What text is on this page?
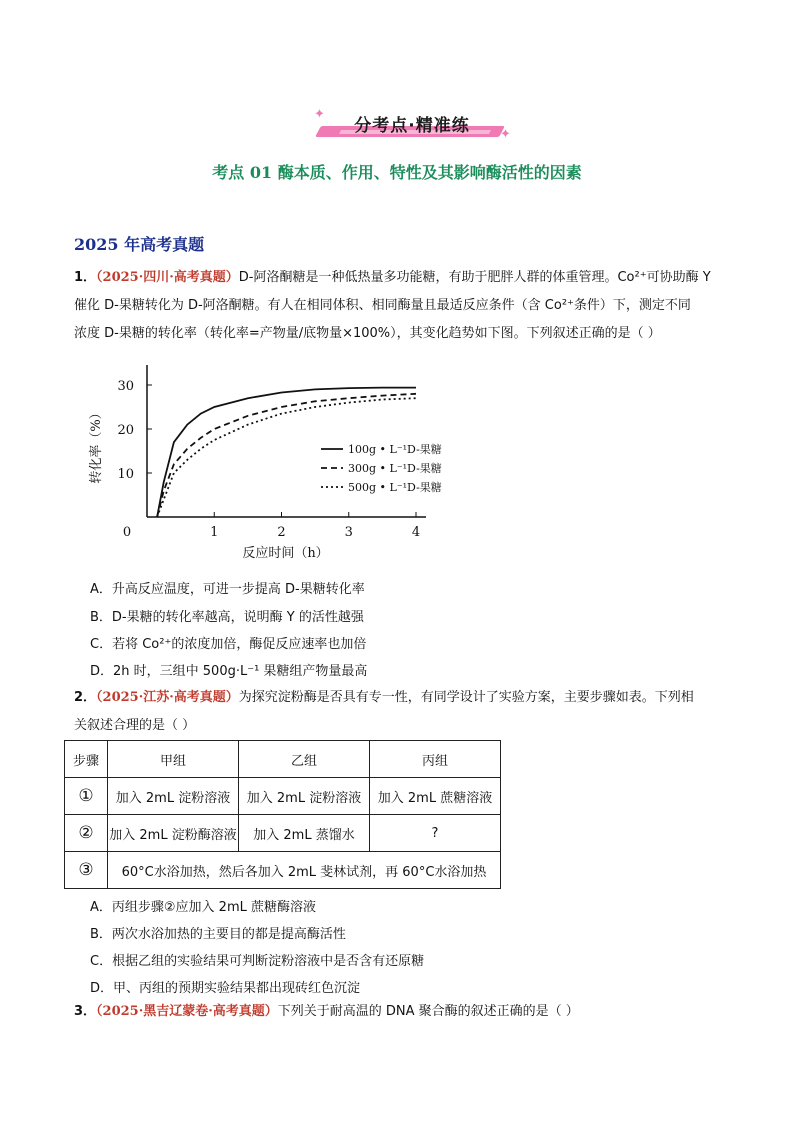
分考点·精准练
✦
✦
考点 01 酶本质、作用、特性及其影响酶活性的因素
2025 年高考真题
1．（2025·四川·高考真题）D-阿洛酮糖是一种低热量多功能糖，有助于肥胖人群的体重管理。Co²⁺可协助酶 Y
催化 D-果糖转化为 D-阿洛酮糖。有人在相同体积、相同酶量且最适反应条件（含 Co²⁺条件）下，测定不同
浓度 D-果糖的转化率（转化率=产物量/底物量×100%），其变化趋势如下图。下列叙述正确的是（ ）
0	1	2	3	4
10
20
30
反应时间（h）
转化率（%）	100g • L⁻¹D-果糖
300g • L⁻¹D-果糖
500g • L⁻¹D-果糖
A．升高反应温度，可进一步提高 D-果糖转化率
B．D-果糖的转化率越高，说明酶 Y 的活性越强
C．若将 Co²⁺的浓度加倍，酶促反应速率也加倍
D．2h 时，三组中 500g·L⁻¹ 果糖组产物量最高
2．（2025·江苏·高考真题）为探究淀粉酶是否具有专一性，有同学设计了实验方案，主要步骤如表。下列相
关叙述合理的是（ ）
步骤	甲组	乙组	丙组
①	加入 2mL 淀粉溶液	加入 2mL 淀粉溶液	加入 2mL 蔗糖溶液
②	加入 2mL 淀粉酶溶液	加入 2mL 蒸馏水	?
③	60°C水浴加热，然后各加入 2mL 斐林试剂，再 60°C水浴加热		
A．丙组步骤②应加入 2mL 蔗糖酶溶液
B．两次水浴加热的主要目的都是提高酶活性
C．根据乙组的实验结果可判断淀粉溶液中是否含有还原糖
D．甲、丙组的预期实验结果都出现砖红色沉淀
3．（2025·黑吉辽蒙卷·高考真题）下列关于耐高温的 DNA 聚合酶的叙述正确的是（ ）
